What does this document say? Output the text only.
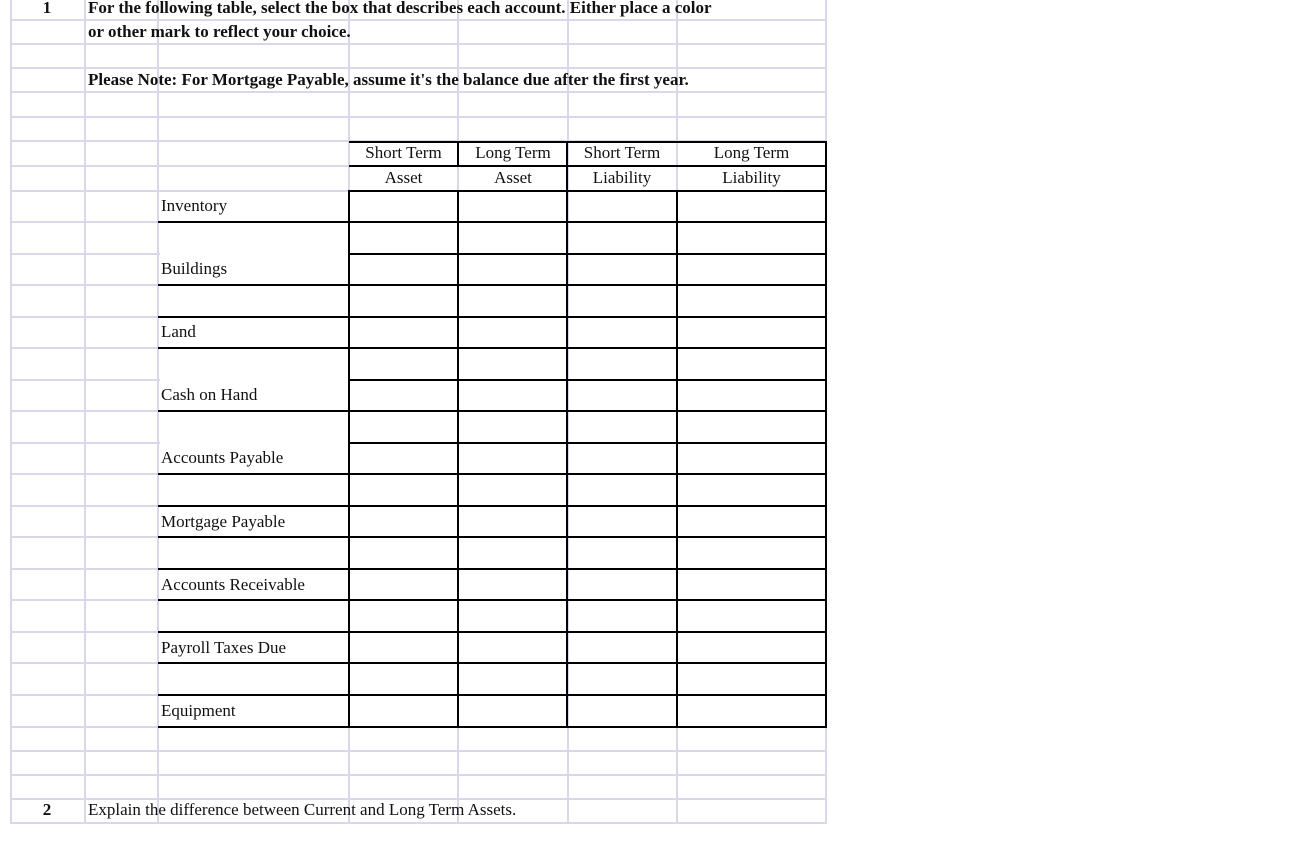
1	For the following table, select the box that describes each account. Either place a color
or other mark to reflect your choice.
Please Note: For Mortgage Payable, assume it's the balance due after the first year.
Short Term
Asset
Long Term
Asset
Short Term
Liability
Long Term
Liability
Inventory
Buildings
Land
Cash on Hand
Accounts Payable
Mortgage Payable
Accounts Receivable
Payroll Taxes Due
Equipment
2	Explain the difference between Current and Long Term Assets.
